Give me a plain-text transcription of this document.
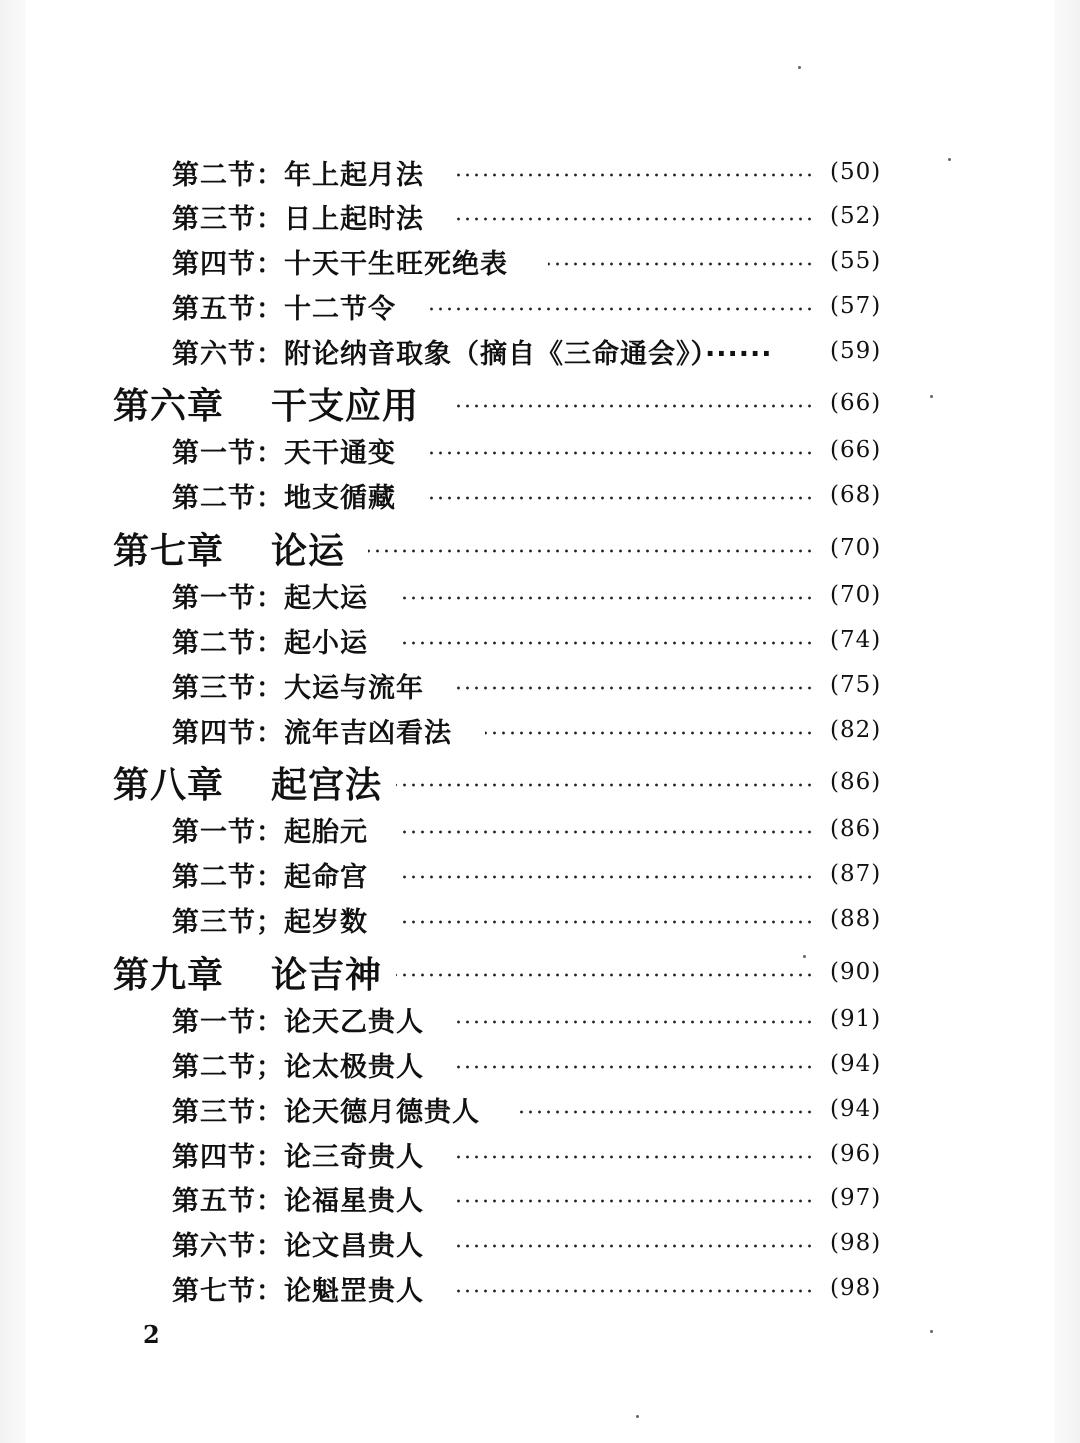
第二节：年上起月法	(50)
第三节：日上起时法	(52)
第四节：十天干生旺死绝表	(55)
第五节：十二节令	(57)
第六节：附论纳音取象（摘自《三命通会》）······ (59)
第六章 干支应用	(66)
第一节：天干通变	(66)
第二节：地支循藏	(68)
第七章 论运	(70)
第一节：起大运	(70)
第二节：起小运	(74)
第三节：大运与流年	(75)
第四节：流年吉凶看法	(82)
第八章 起宫法	(86)
第一节：起胎元	(86)
第二节：起命宫	(87)
第三节；起岁数	(88)
第九章 论吉神	(90)
第一节：论天乙贵人	(91)
第二节；论太极贵人	(94)
第三节：论天德月德贵人	(94)
第四节：论三奇贵人	(96)
第五节：论福星贵人	(97)
第六节：论文昌贵人	(98)
第七节：论魁罡贵人	(98)
2
